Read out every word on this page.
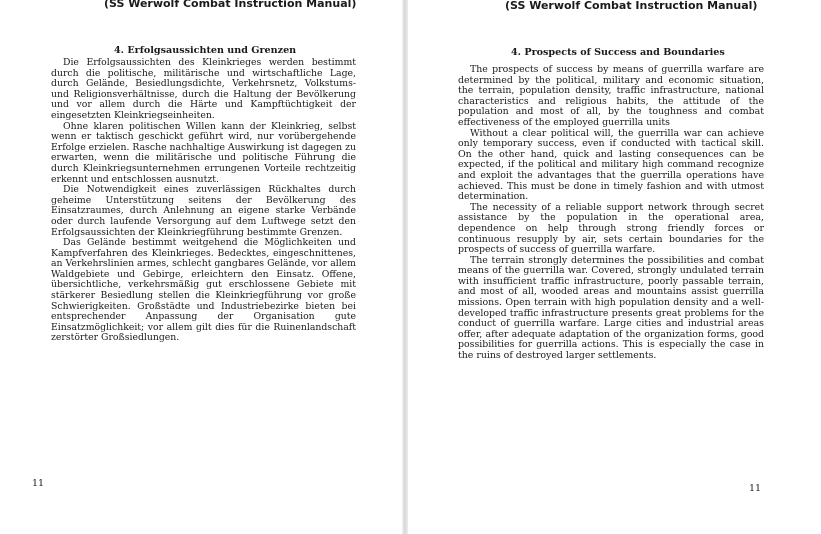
(SS Werwolf Combat Instruction Manual)
4. Erfolgsaussichten und Grenzen

Die Erfolgsaussichten des Kleinkrieges werden bestimmt durch die politische, militärische und wirtschaftliche Lage, durch Gelände, Besiedlungsdichte, Verkehrsnetz, Volkstums- und Religionsverhältnisse, durch die Haltung der Bevölkerung und vor allem durch die Härte und Kampftüchtigkeit der eingesetzten Kleinkriegseinheiten.

Ohne klaren politischen Willen kann der Kleinkrieg, selbst wenn er taktisch geschickt geführt wird, nur vorübergehende Erfolge erzielen. Rasche nachhaltige Auswirkung ist dagegen zu erwarten, wenn die militärische und politische Führung die durch Kleinkriegsunternehmen errungenen Vorteile rechtzeitig erkennt und entschlossen ausnutzt.

Die Notwendigkeit eines zuverlässigen Rückhaltes durch geheime Unterstützung seitens der Bevölkerung des Einsatzraumes, durch Anlehnung an eigene starke Verbände oder durch laufende Versorgung auf dem Luftwege setzt den Erfolgsaussichten der Kleinkriegführung bestimmte Grenzen.

Das Gelände bestimmt weitgehend die Möglichkeiten und Kampfverfahren des Kleinkrieges. Bedecktes, eingeschnittenes, an Verkehrslinien armes, schlecht gangbares Gelände, vor allem Waldgebiete und Gebirge, erleichtern den Einsatz. Offene, übersichtliche, verkehrsmäßig gut erschlossene Gebiete mit stärkerer Besiedlung stellen die Kleinkriegführung vor große Schwierigkeiten. Großstädte und Industriebezirke bieten bei entsprechender Anpassung der Organisation gute Einsatzmöglichkeit; vor allem gilt dies für die Ruinenlandschaft zerstörter Großsiedlungen.

11
(SS Werwolf Combat Instruction Manual)
4. Prospects of Success and Boundaries

The prospects of success by means of guerrilla warfare are determined by the political, military and economic situation, the terrain, population density, traffic infrastructure, national characteristics and religious habits, the attitude of the population and most of all, by the toughness and combat effectiveness of the employed guerrilla units

Without a clear political will, the guerrilla war can achieve only temporary success, even if conducted with tactical skill. On the other hand, quick and lasting consequences can be expected, if the political and military high command recognize and exploit the advantages that the guerrilla operations have achieved. This must be done in timely fashion and with utmost determination.

The necessity of a reliable support network through secret assistance by the population in the operational area, dependence on help through strong friendly forces or continuous resupply by air, sets certain boundaries for the prospects of success of guerrilla warfare.

The terrain strongly determines the possibilities and combat means of the guerrilla war. Covered, strongly undulated terrain with insufficient traffic infrastructure, poorly passable terrain, and most of all, wooded areas and mountains assist guerrilla missions. Open terrain with high population density and a well-developed traffic infrastructure presents great problems for the conduct of guerrilla warfare. Large cities and industrial areas offer, after adequate adaptation of the organization forms, good possibilities for guerrilla actions. This is especially the case in the ruins of destroyed larger settlements.

11
